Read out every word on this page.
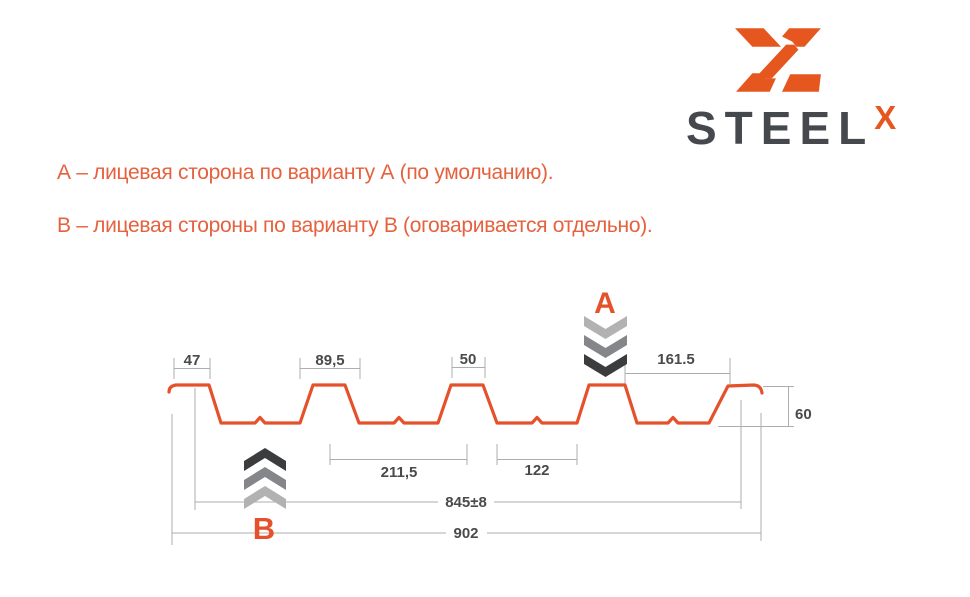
STEELX
А – лицевая сторона по варианту А (по умолчанию).
В – лицевая стороны по варианту В (оговаривается отдельно).
47	89,5	50	161.5
60
211,5	122
845±8
902
А
В
